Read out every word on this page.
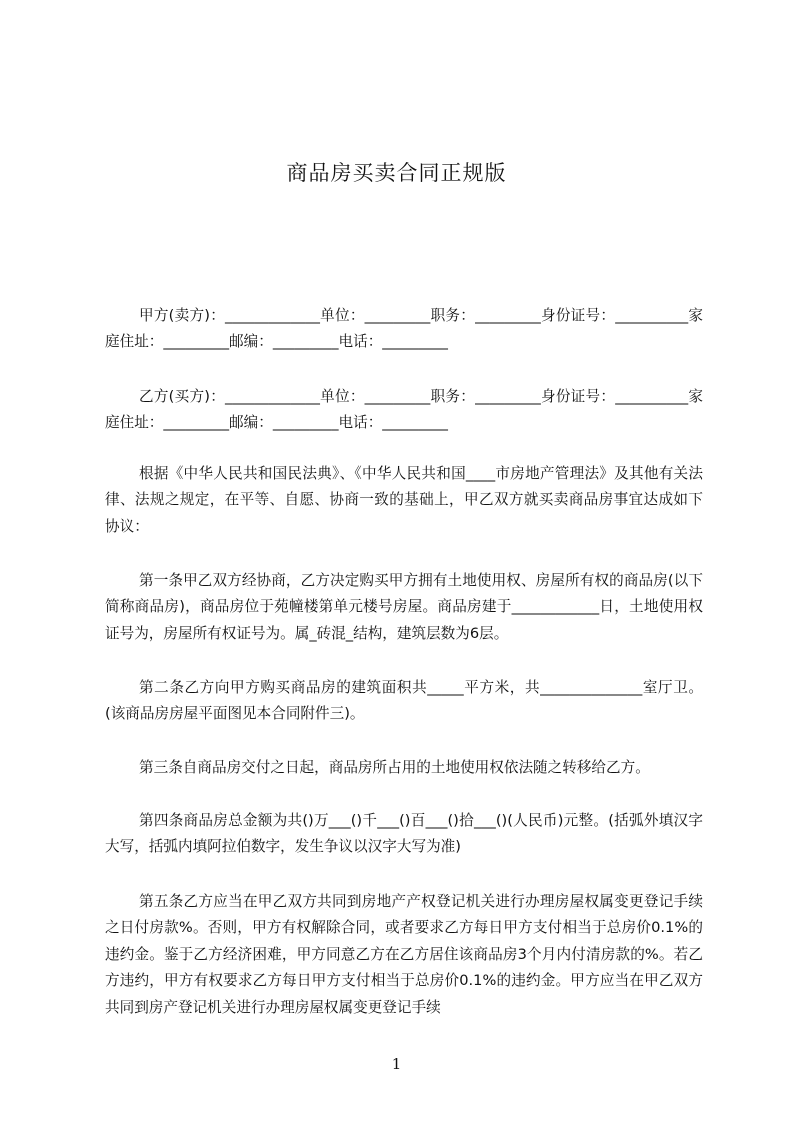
商品房买卖合同正规版

甲方(卖方)：_____________单位：_________职务：_________身份证号：__________家庭住址：_________邮编：_________电话：_________

乙方(买方)：_____________单位：_________职务：_________身份证号：__________家庭住址：_________邮编：_________电话：_________

根据《中华人民共和国民法典》、《中华人民共和国____市房地产管理法》及其他有关法律、法规之规定，在平等、自愿、协商一致的基础上，甲乙双方就买卖商品房事宜达成如下协议：

第一条甲乙双方经协商，乙方决定购买甲方拥有土地使用权、房屋所有权的商品房(以下简称商品房)，商品房位于苑幢楼第单元楼号房屋。商品房建于____________日，土地使用权证号为，房屋所有权证号为。属_砖混_结构，建筑层数为6层。

第二条乙方向甲方购买商品房的建筑面积共_____平方米，共______________室厅卫。(该商品房房屋平面图见本合同附件三)。

第三条自商品房交付之日起，商品房所占用的土地使用权依法随之转移给乙方。

第四条商品房总金额为共()万___()千___()百___()拾___()(人民币)元整。(括弧外填汉字大写，括弧内填阿拉伯数字，发生争议以汉字大写为准)

第五条乙方应当在甲乙双方共同到房地产产权登记机关进行办理房屋权属变更登记手续之日付房款%。否则，甲方有权解除合同，或者要求乙方每日甲方支付相当于总房价0.1%的违约金。鉴于乙方经济困难，甲方同意乙方在乙方居住该商品房3个月内付清房款的%。若乙方违约，甲方有权要求乙方每日甲方支付相当于总房价0.1%的违约金。甲方应当在甲乙双方共同到房产登记机关进行办理房屋权属变更登记手续

1
